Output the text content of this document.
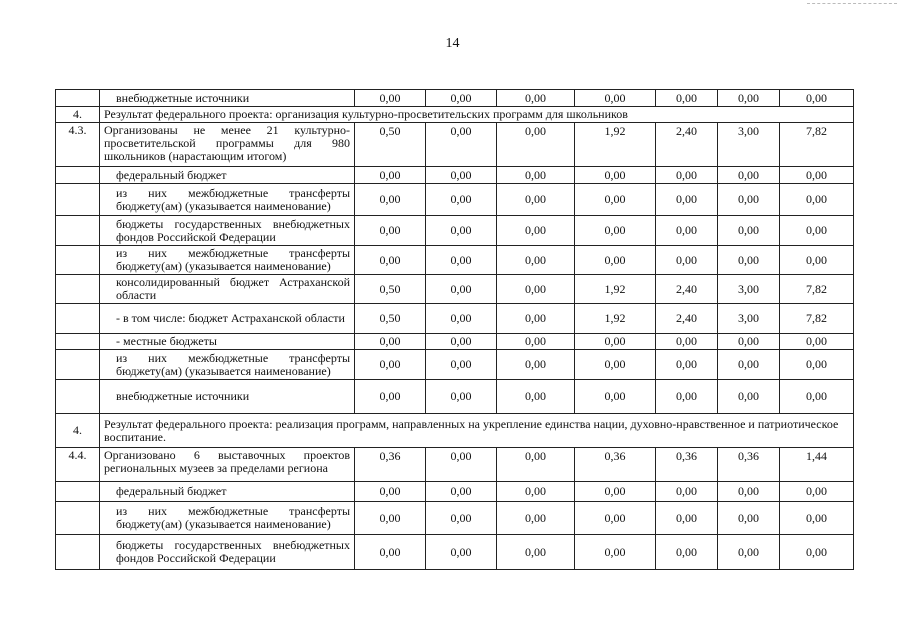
14
	внебюджетные источники	0,00	0,00	0,00	0,00	0,00	0,00	0,00
4.	Результат федерального проекта: организация культурно-просветительских программ для школьников							
4.3.	Организованы не менее 21 культурно-просветительской программы для 980 школьников (нарастающим итогом)	0,50	0,00	0,00	1,92	2,40	3,00	7,82
	федеральный бюджет	0,00	0,00	0,00	0,00	0,00	0,00	0,00
	из них межбюджетные трансферты бюджету(ам) (указывается наименование)	0,00	0,00	0,00	0,00	0,00	0,00	0,00
	бюджеты государственных внебюджетных фондов Российской Федерации	0,00	0,00	0,00	0,00	0,00	0,00	0,00
	из них межбюджетные трансферты бюджету(ам) (указывается наименование)	0,00	0,00	0,00	0,00	0,00	0,00	0,00
	консолидированный бюджет Астраханской области	0,50	0,00	0,00	1,92	2,40	3,00	7,82
	- в том числе: бюджет Астраханской области	0,50	0,00	0,00	1,92	2,40	3,00	7,82
	- местные бюджеты	0,00	0,00	0,00	0,00	0,00	0,00	0,00
	из них межбюджетные трансферты бюджету(ам) (указывается наименование)	0,00	0,00	0,00	0,00	0,00	0,00	0,00
	внебюджетные источники	0,00	0,00	0,00	0,00	0,00	0,00	0,00
4.	Результат федерального проекта: реализация программ, направленных на укрепление единства нации, духовно-нравственное и патриотическое воспитание.							
4.4.	Организовано 6 выставочных проектов региональных музеев за пределами региона	0,36	0,00	0,00	0,36	0,36	0,36	1,44
	федеральный бюджет	0,00	0,00	0,00	0,00	0,00	0,00	0,00
	из них межбюджетные трансферты бюджету(ам) (указывается наименование)	0,00	0,00	0,00	0,00	0,00	0,00	0,00
	бюджеты государственных внебюджетных фондов Российской Федерации	0,00	0,00	0,00	0,00	0,00	0,00	0,00
